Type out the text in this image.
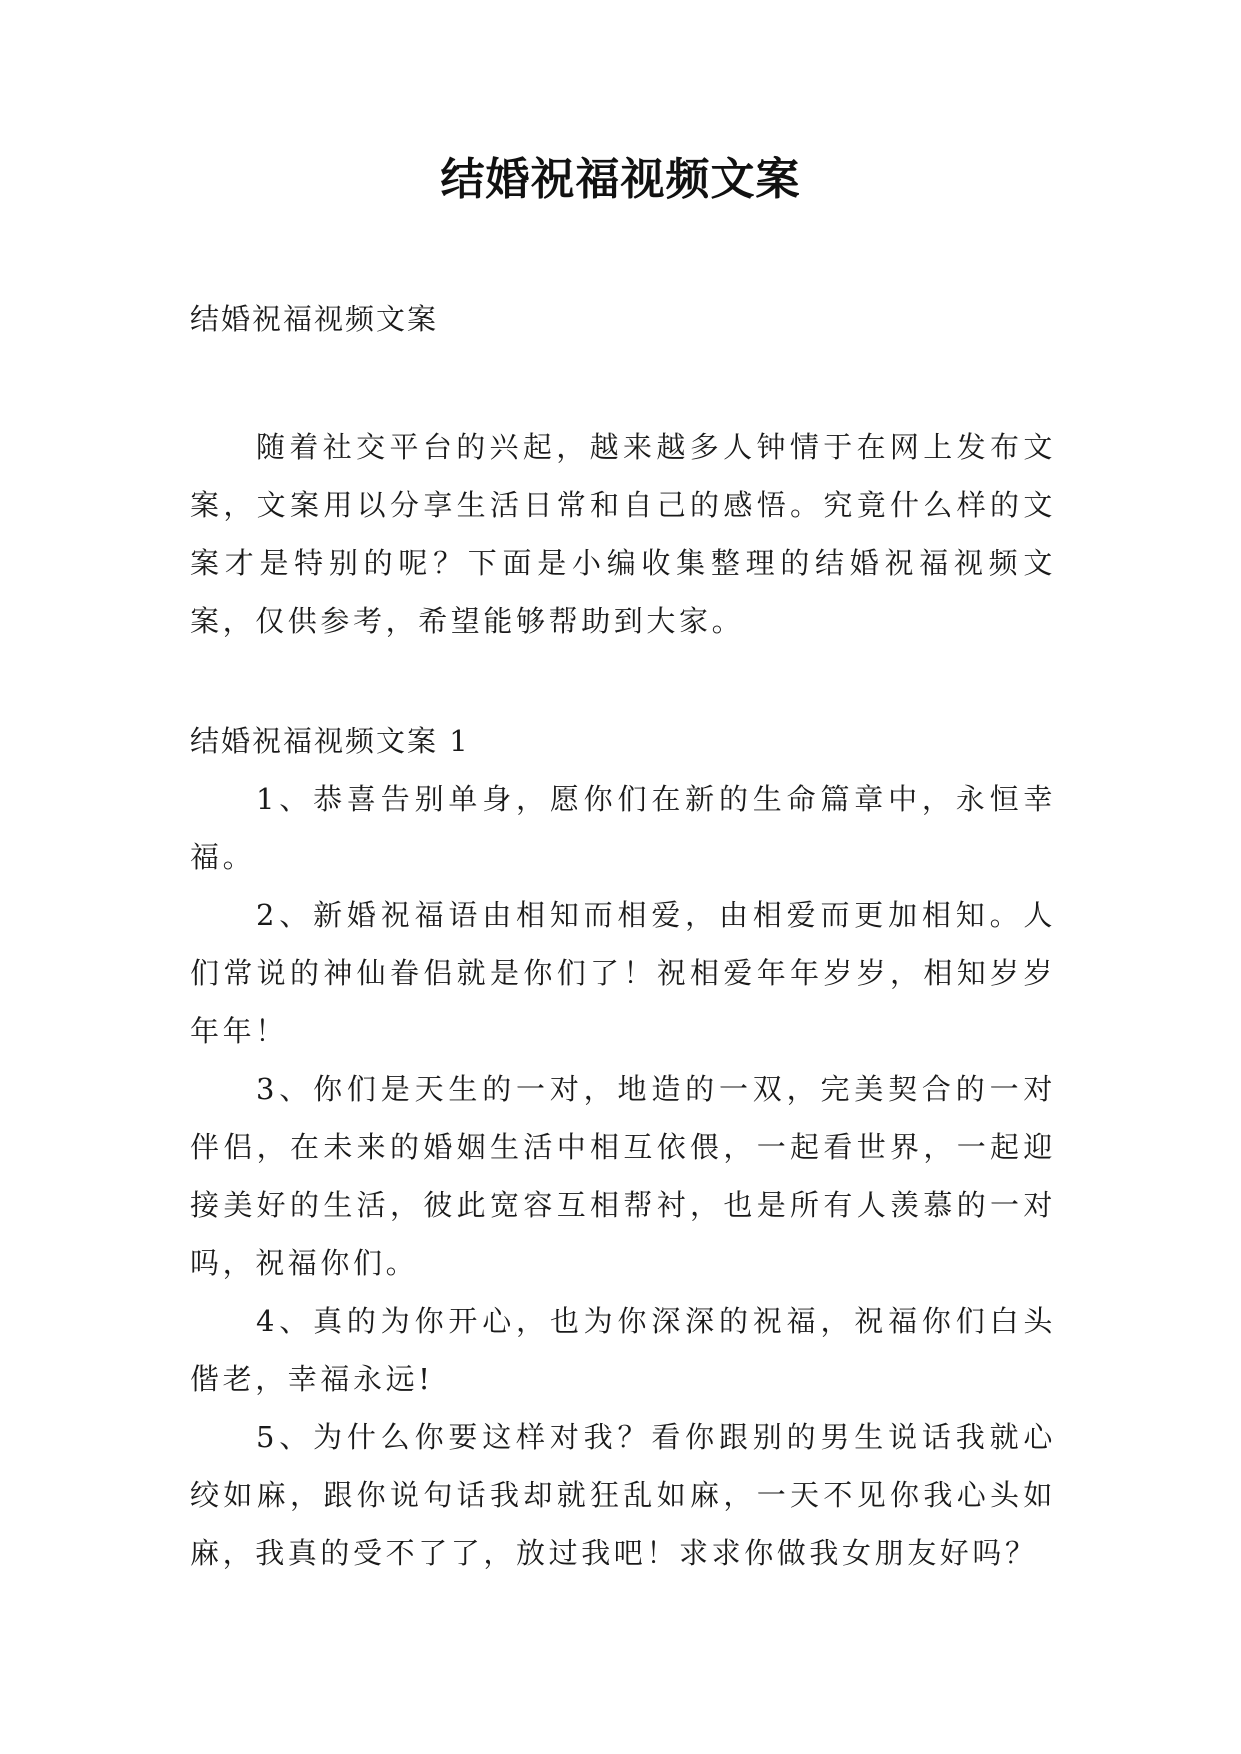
结婚祝福视频文案

结婚祝福视频文案

随着社交平台的兴起，越来越多人钟情于在网上发布文案，文案用以分享生活日常和自己的感悟。究竟什么样的文案才是特别的呢？下面是小编收集整理的结婚祝福视频文案，仅供参考，希望能够帮助到大家。

结婚祝福视频文案 1

1、恭喜告别单身，愿你们在新的生命篇章中，永恒幸福。

2、新婚祝福语由相知而相爱，由相爱而更加相知。人们常说的神仙眷侣就是你们了！祝相爱年年岁岁，相知岁岁年年！

3、你们是天生的一对，地造的一双，完美契合的一对伴侣，在未来的婚姻生活中相互依偎，一起看世界，一起迎接美好的生活，彼此宽容互相帮衬，也是所有人羡慕的一对吗，祝福你们。

4、真的为你开心，也为你深深的祝福，祝福你们白头偕老，幸福永远!

5、为什么你要这样对我？看你跟别的男生说话我就心绞如麻，跟你说句话我却就狂乱如麻，一天不见你我心头如麻，我真的受不了了，放过我吧！求求你做我女朋友好吗？
